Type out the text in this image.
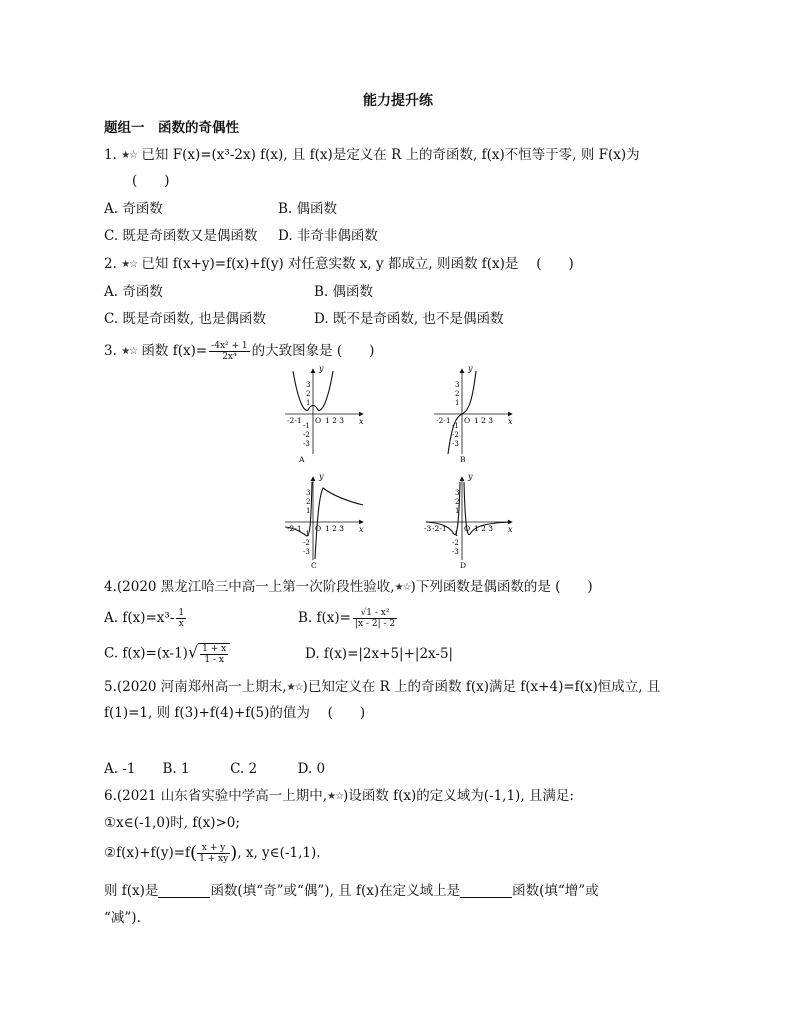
能力提升练
题组一　函数的奇偶性
1. ★☆ 已知 F(x)=(x³-2x) f(x), 且 f(x)是定义在 R 上的奇函数, f(x)不恒等于零, 则 F(x)为
(　　)
A. 奇函数	B. 偶函数
C. 既是奇函数又是偶函数 D. 非奇非偶函数
2. ★☆ 已知 f(x+y)=f(x)+f(y) 对任意实数 x, y 都成立, 则函数 f(x)是　 (　　)
A. 奇函数	B. 偶函数
C. 既是奇函数, 也是偶函数	D. 既不是奇函数, 也不是偶函数
3. ★☆ 函数 $f(x)= \frac{\text{-4x² + 1}}{\text{2x⁴}}$ 的大致图象是 (　　)
y
x
-2-1 O 1 2 3
3
2
1
-1
-2
-3
A
y
x
-2-1 O 1 2 3
3
2
1
-1
-2
-3
B
y
x
-2-1 O 1 2 3
3
2
1
-1
-2
-3
C
y
x
-3 -2-1 O 1 2 3
3
2
1
-1
-2
-3
D
4.(2020 黑龙江哈三中高一上第一次阶段性验收,★☆)下列函数是偶函数的是 (　　)
A. $f(x)=x^3- \frac{1}{x}$	B. $f(x)= \frac{\text{√1 - x²}}{|x - 2| - 2}$
C. $f(x)=(x-1)√ \frac{1 + x}{1 - x}$	D. f(x)=|2x+5|+|2x-5|
5.(2020 河南郑州高一上期末,★☆)已知定义在 R 上的奇函数 f(x)满足 f(x+4)=f(x)恒成立, 且
f(1)=1, 则 f(3)+f(4)+f(5)的值为　 (　　)
A. -1　　B. 1　　　C. 2　　　D. 0
6.(2021 山东省实验中学高一上期中,★☆)设函数 f(x)的定义域为(-1,1), 且满足:
①x∈(-1,0)时, f(x)>0;
②f(x)+f(y)=f( $\frac{x + y}{1 + xy}$ ), x, y∈(-1,1).
则 f(x)是	函数(填“奇”或“偶”), 且 f(x)在定义域上是	函数(填“增”或
“减”).
